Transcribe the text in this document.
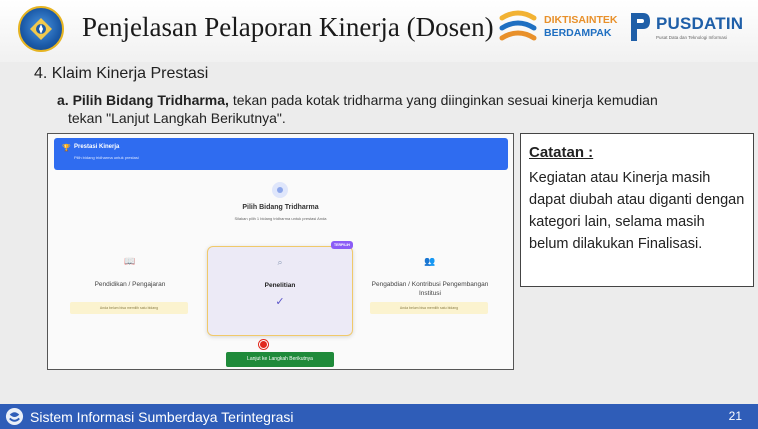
Penjelasan Pelaporan Kinerja (Dosen)	DIKTISAINTEK
BERDAMPAK	PUSDATIN
Pusat Data dan Teknologi Informasi
4. Klaim Kinerja Prestasi
a. Pilih Bidang Tridharma, tekan pada kotak tridharma yang diinginkan sesuai kinerja kemudian
tekan "Lanjut Langkah Berikutnya".
🏆 Prestasi Kinerja
Pilih bidang tridharma untuk prestasi
Pilih Bidang Tridharma
Silakan pilih 1 bidang tridharma untuk prestasi Anda
📖
Pendidikan / Pengajaran
Anda belum bisa memilih satu bidang
⌕
Penelitian
✓
TERPILIH
👥
Pengabdian / Kontribusi Pengembangan Institusi
Anda belum bisa memilih satu bidang
Lanjut ke Langkah Berikutnya
Catatan :
Kegiatan atau Kinerja masih dapat diubah atau diganti dengan kategori lain, selama masih belum dilakukan Finalisasi.
Sistem Informasi Sumberdaya Terintegrasi	21
